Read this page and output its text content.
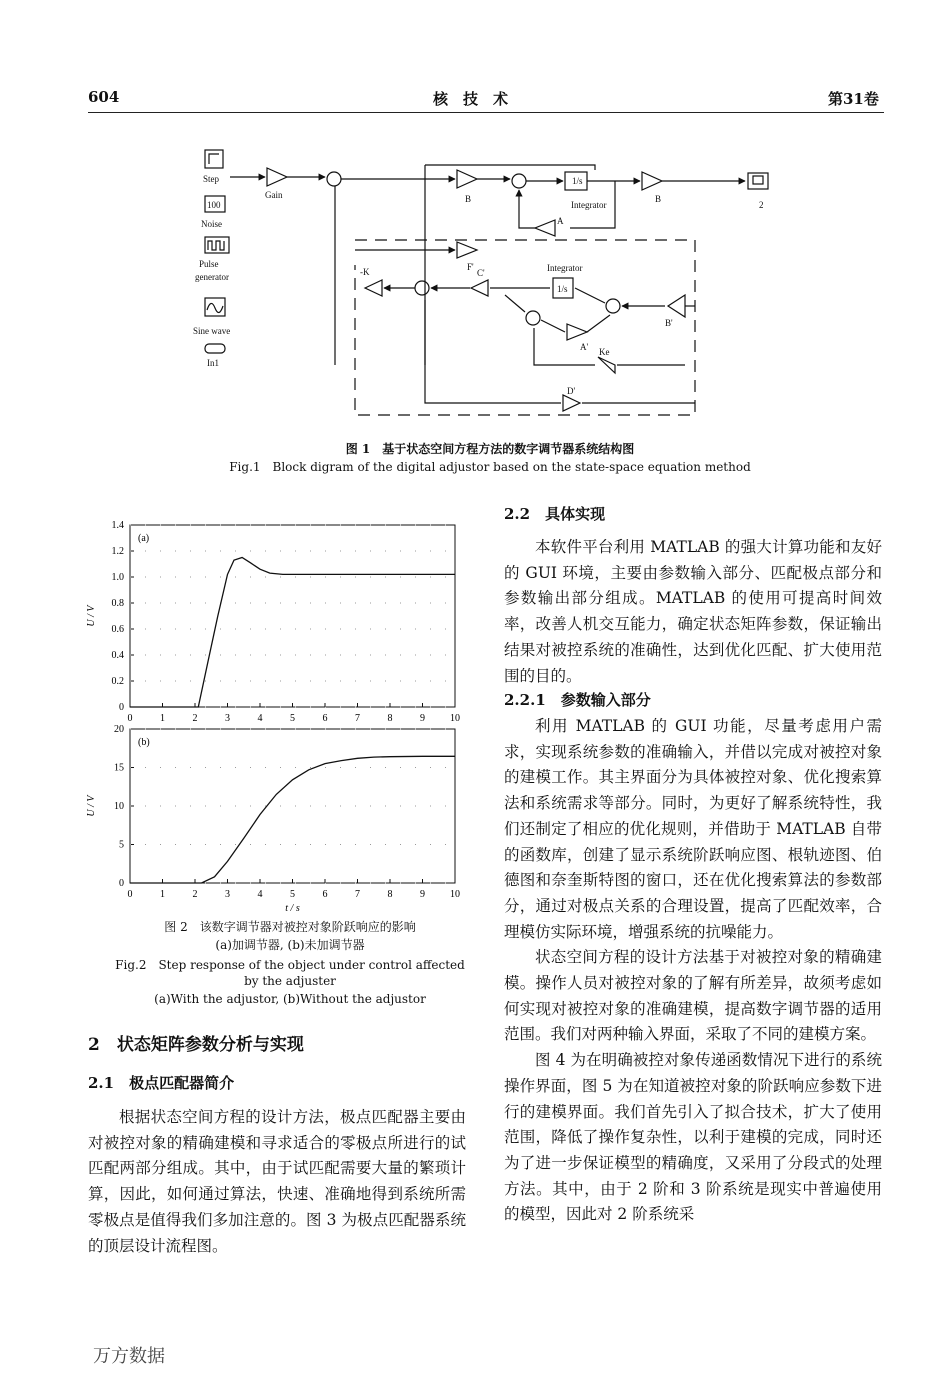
604	核　技　术	第31卷
Step
100
Noise
Pulse
generator
Sine wave
In1
Gain	B
Integrator
1/s
B
A
2
-K	F'
C'	Integrator
1/s
B'
A' Ke
D'
图 1　基于状态空间方程方法的数字调节器系统结构图
Fig.1　Block digram of the digital adjustor based on the state-space equation method
0
0.2
0.4
0.6
0.8
1.0
1.2
1.4
0	1	2	3	4	5	6	7	8	9	10
(a)
U / V
0
5
10
15
20
0	1	2	3	4	5	6	7	8	9	10
(b)
U / V
t / s
图 2　该数字调节器对被控对象阶跃响应的影响
(a)加调节器, (b)未加调节器
Fig.2　Step response of the object under control affected
by the adjuster
(a)With the adjustor, (b)Without the adjustor
2　状态矩阵参数分析与实现
2.1　极点匹配器简介

根据状态空间方程的设计方法，极点匹配器主要由对被控对象的精确建模和寻求适合的零极点所进行的试匹配两部分组成。其中，由于试匹配需要大量的繁琐计算，因此，如何通过算法，快速、准确地得到系统所需零极点是值得我们多加注意的。图 3 为极点匹配器系统的顶层设计流程图。

2.2　具体实现

本软件平台利用 MATLAB 的强大计算功能和友好的 GUI 环境，主要由参数输入部分、匹配极点部分和参数输出部分组成。MATLAB 的使用可提高时间效率，改善人机交互能力，确定状态矩阵参数，保证输出结果对被控系统的准确性，达到优化匹配、扩大使用范围的目的。

2.2.1　参数输入部分

利用 MATLAB 的 GUI 功能，尽量考虑用户需求，实现系统参数的准确输入，并借以完成对被控对象的建模工作。其主界面分为具体被控对象、优化搜索算法和系统需求等部分。同时，为更好了解系统特性，我们还制定了相应的优化规则，并借助于 MATLAB 自带的函数库，创建了显示系统阶跃响应图、根轨迹图、伯德图和奈奎斯特图的窗口，还在优化搜索算法的参数部分，通过对极点关系的合理设置，提高了匹配效率，合理模仿实际环境，增强系统的抗噪能力。

状态空间方程的设计方法基于对被控对象的精确建模。操作人员对被控对象的了解有所差异，故须考虑如何实现对被控对象的准确建模，提高数字调节器的适用范围。我们对两种输入界面，采取了不同的建模方案。

图 4 为在明确被控对象传递函数情况下进行的系统操作界面，图 5 为在知道被控对象的阶跃响应参数下进行的建模界面。我们首先引入了拟合技术，扩大了使用范围，降低了操作复杂性，以利于建模的完成，同时还为了进一步保证模型的精确度，又采用了分段式的处理方法。其中，由于 2 阶和 3 阶系统是现实中普遍使用的模型，因此对 2 阶系统采

万方数据
